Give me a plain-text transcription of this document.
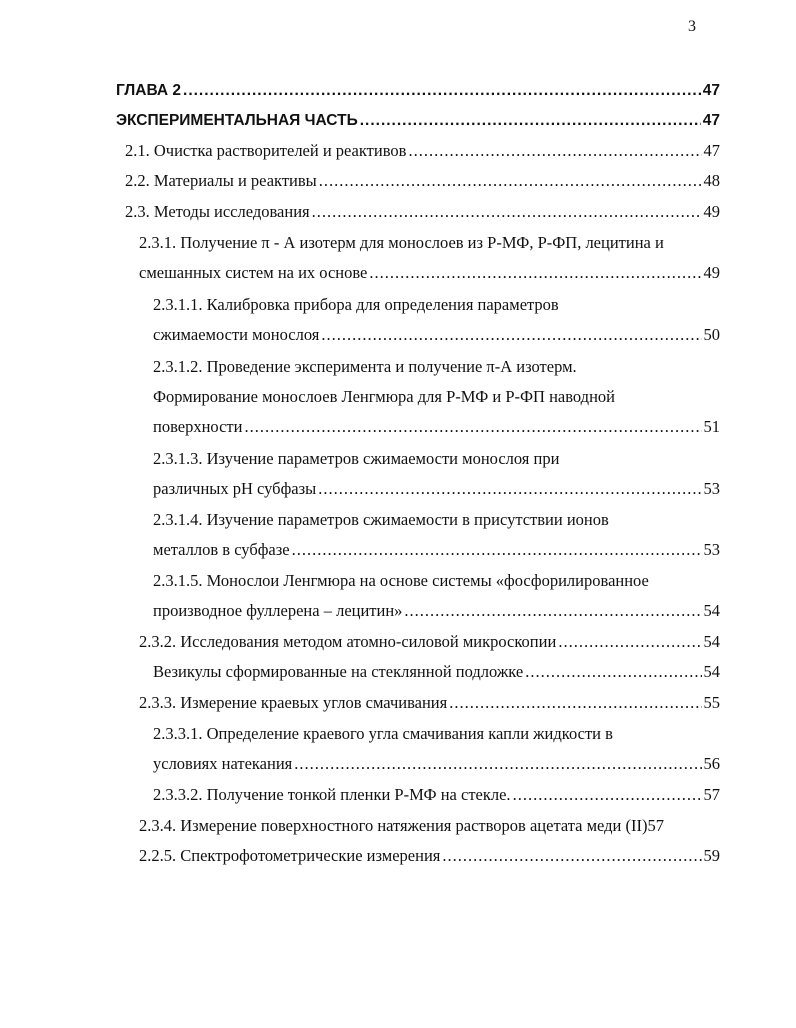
3
ГЛАВА 2 .....	47
ЭКСПЕРИМЕНТАЛЬНАЯ ЧАСТЬ .....	47
2.1. Очистка растворителей и реактивов .....	47
2.2. Материалы и реактивы .....	48
2.3. Методы исследования .....	49
2.3.1. Получение π - А изотерм для монослоев из Р-МФ, Р-ФП, лецитина и
смешанных систем на их основе .....	49
2.3.1.1. Калибровка прибора для определения параметров
сжимаемости монослоя .....	50
2.3.1.2. Проведение эксперимента и получение π-А изотерм.
Формирование монослоев Ленгмюра для Р-МФ и Р-ФП наводной
поверхности .....	51
2.3.1.3. Изучение параметров сжимаемости монослоя при
различных рН субфазы .....	53
2.3.1.4. Изучение параметров сжимаемости в присутствии ионов
металлов в субфазе .....	53
2.3.1.5. Монослои Ленгмюра на основе системы «фосфорилированное
производное фуллерена – лецитин» .....	54
2.3.2. Исследования методом атомно-силовой микроскопии .....	54
Везикулы сформированные на стеклянной подложке .....	54
2.3.3. Измерение краевых углов смачивания .....	55
2.3.3.1. Определение краевого угла смачивания капли жидкости в
условиях натекания .....	56
2.3.3.2. Получение тонкой пленки Р-МФ на стекле. .....	57
2.3.4. Измерение поверхностного натяжения растворов ацетата меди (II) 57
2.2.5. Спектрофотометрические измерения .....	59
